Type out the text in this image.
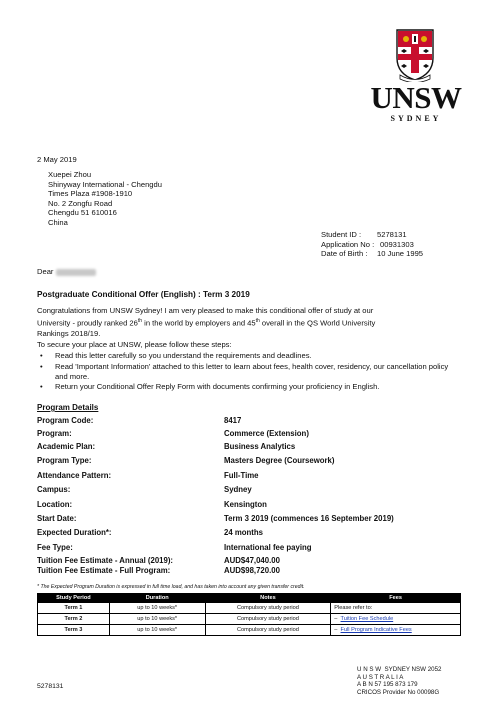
UNSW
SYDNEY
2 May 2019
Xuepei Zhou
Shinyway International - Chengdu
Times Plaza #1908-1910
No. 2 Zongfu Road
Chengdu 51 610016
China
Student ID : 5278131
Application No : 00931303
Date of Birth : 10 June 1995
Dear
Postgraduate Conditional Offer (English) : Term 3 2019
Congratulations from UNSW Sydney! I am very pleased to make this conditional offer of study at our
University - proudly ranked 26th in the world by employers and 45th overall in the QS World University
Rankings 2018/19.
To secure your place at UNSW, please follow these steps:
• Read this letter carefully so you understand the requirements and deadlines.
• Read 'Important Information' attached to this letter to learn about fees, health cover, residency, our cancellation policy and more.
• Return your Conditional Offer Reply Form with documents confirming your proficiency in English.
Program Details
Program Code:	8417
Program:	Commerce (Extension)
Academic Plan:	Business Analytics
Program Type:	Masters Degree (Coursework)
Attendance Pattern:	Full-Time
Campus:	Sydney
Location:	Kensington
Start Date:	Term 3 2019 (commences 16 September 2019)
Expected Duration*:	24 months
Fee Type:	International fee paying
Tuition Fee Estimate - Annual (2019):	AUD$47,040.00
Tuition Fee Estimate - Full Program:	AUD$98,720.00
* The Expected Program Duration is expressed in full time load, and has taken into account any given transfer credit.
Study Period	Duration	Notes	Fees
Term 1	up to 10 weeks*	Compulsory study period	Please refer to:
Term 2	up to 10 weeks*	Compulsory study period	–  Tuition Fee Schedule
Term 3	up to 10 weeks*	Compulsory study period	–  Full Program Indicative Fees
5278131
U N S W  SYDNEY NSW 2052
A U S T R A L I A
A B N 57 195 873 179
CRICOS Provider No 00098G
